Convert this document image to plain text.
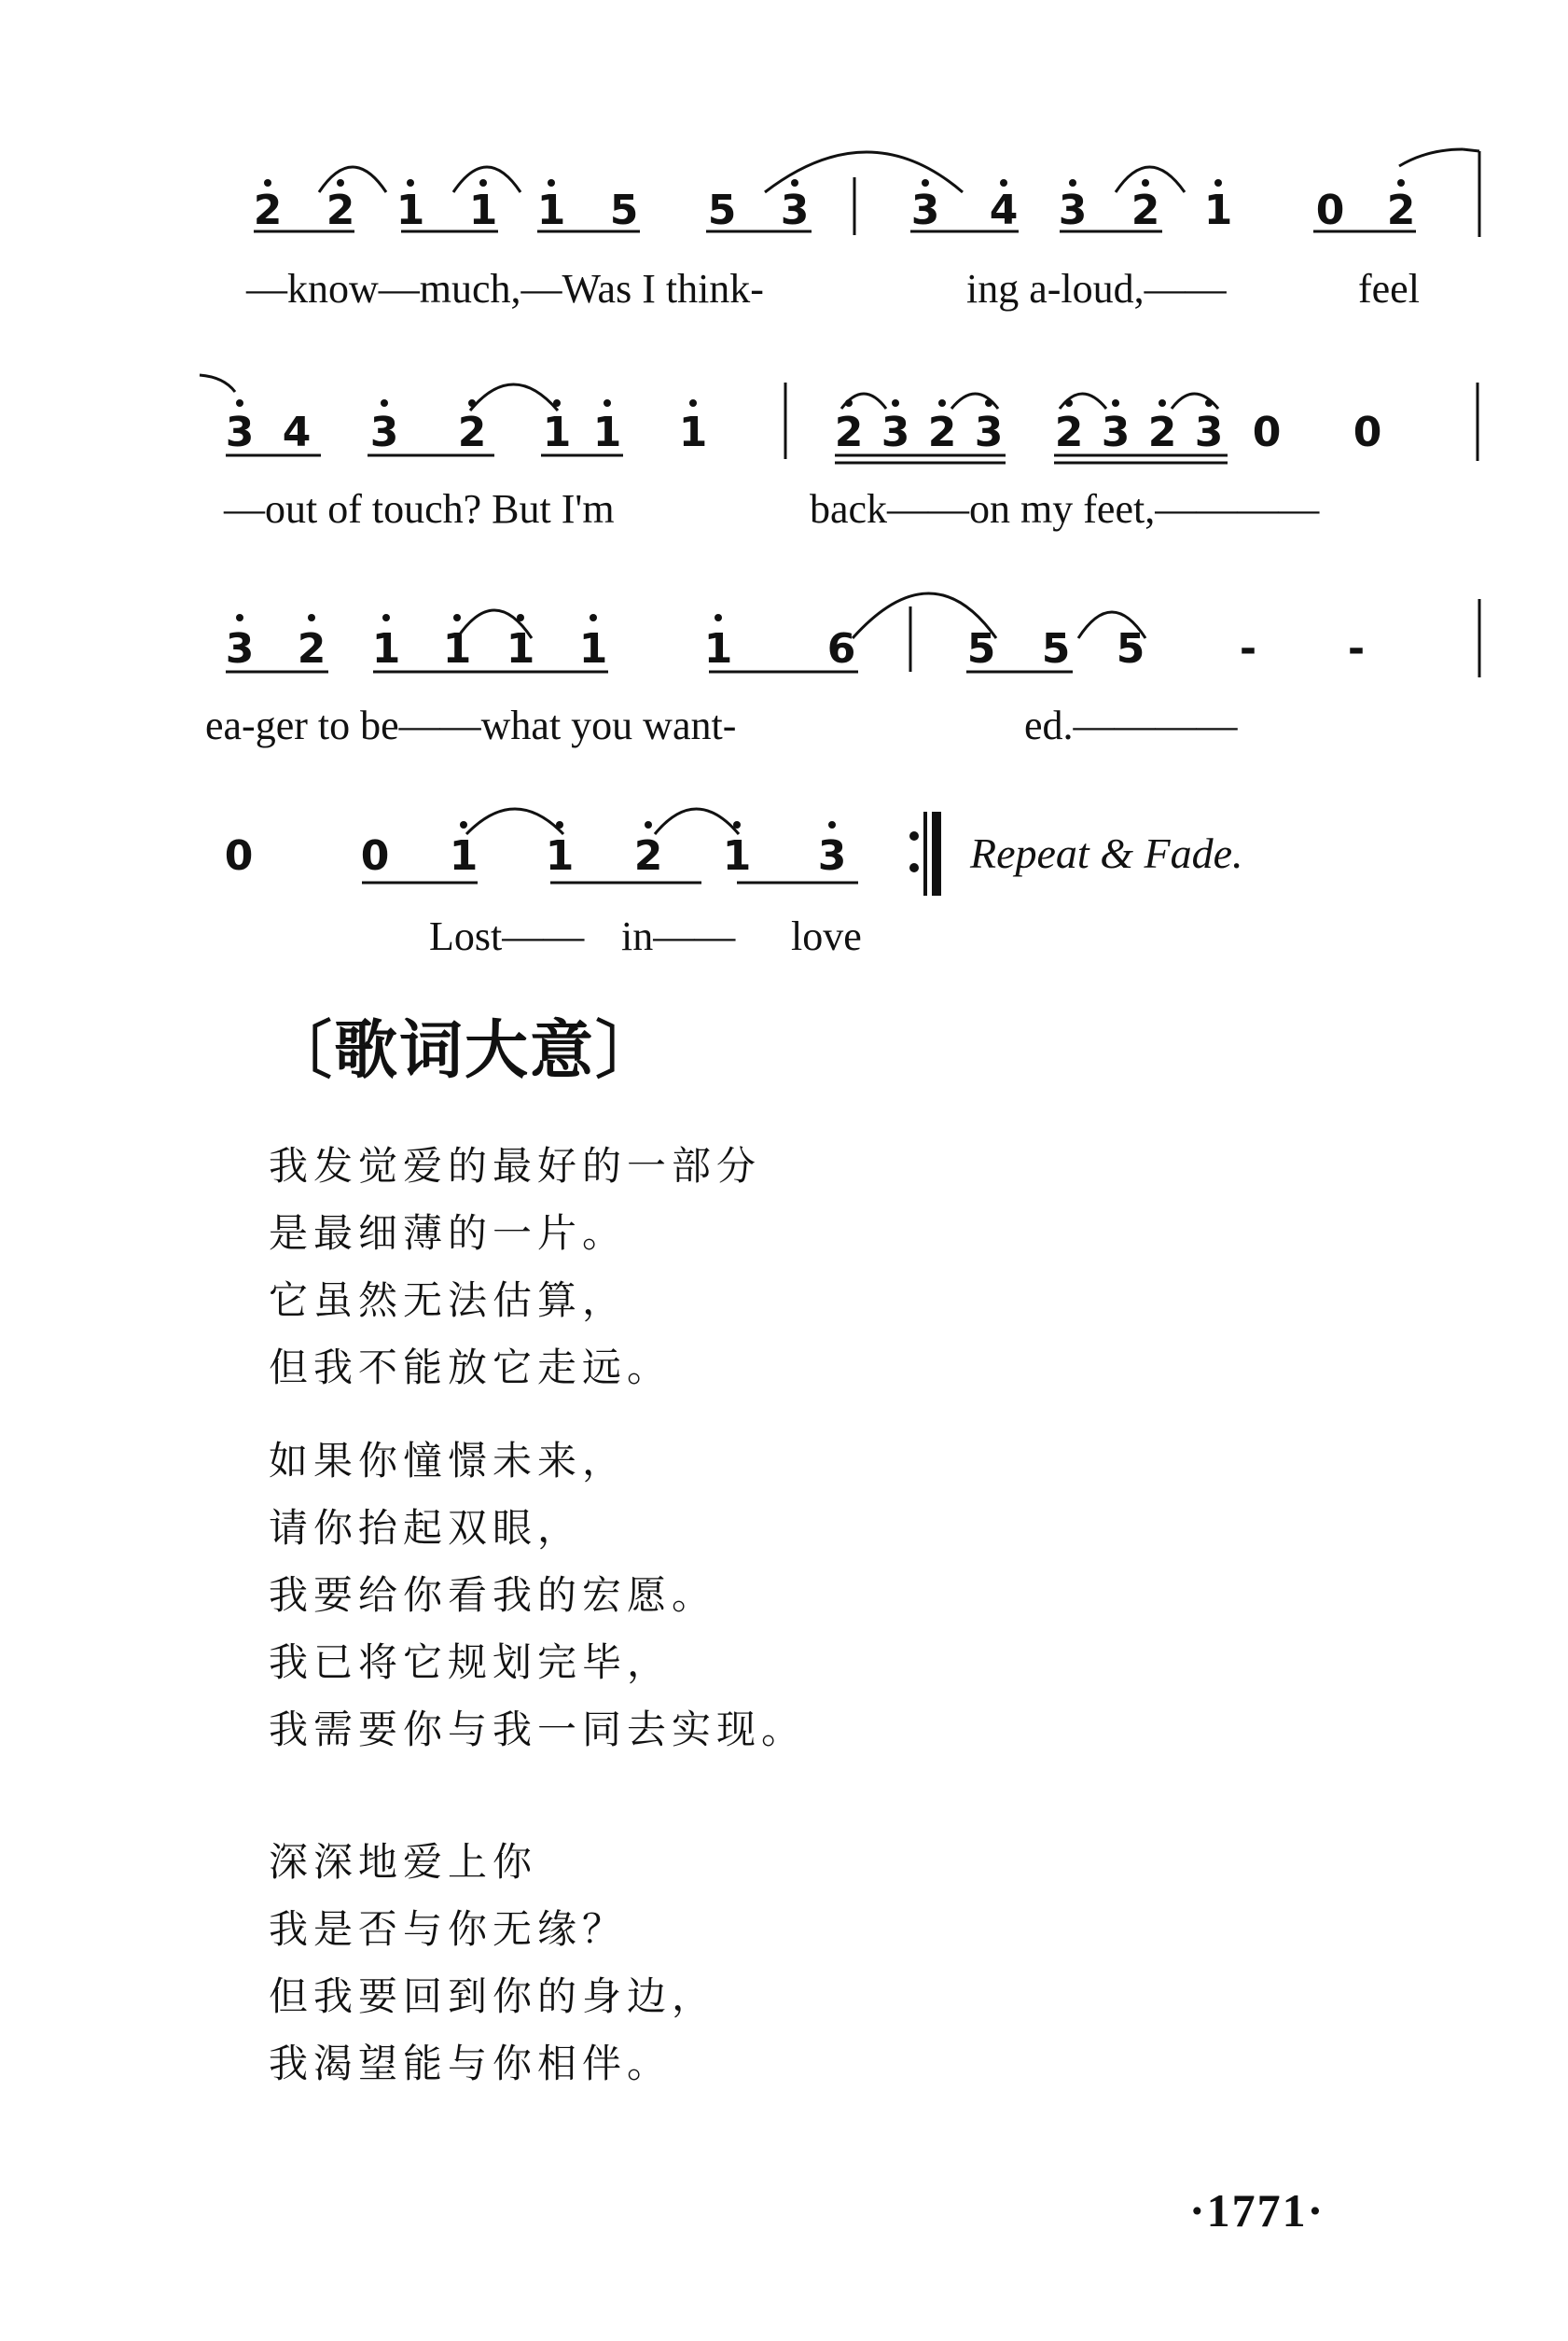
2 2 1 1 1 5 5 3 3 4 3 2 1 0 2
—know—much,—Was I think-	ing a-loud,——	feel
3 4 3 2 1 1 1	2 3 2 3 2 3 2 3 0 0
—out of touch? But I'm	back——on my feet,————
3 2 1 1 1 1 1 6	5 5 5 - -
ea-ger to be——what you want-	ed.————
0	0 1 1 2 1 3	Repeat & Fade.
Lost—— in—— love
〔歌词大意〕
我发觉爱的最好的一部分
是最细薄的一片。
它虽然无法估算，
但我不能放它走远。
如果你憧憬未来，
请你抬起双眼，
我要给你看我的宏愿。
我已将它规划完毕，
我需要你与我一同去实现。
深深地爱上你
我是否与你无缘？
但我要回到你的身边，
我渴望能与你相伴。
·1771·
